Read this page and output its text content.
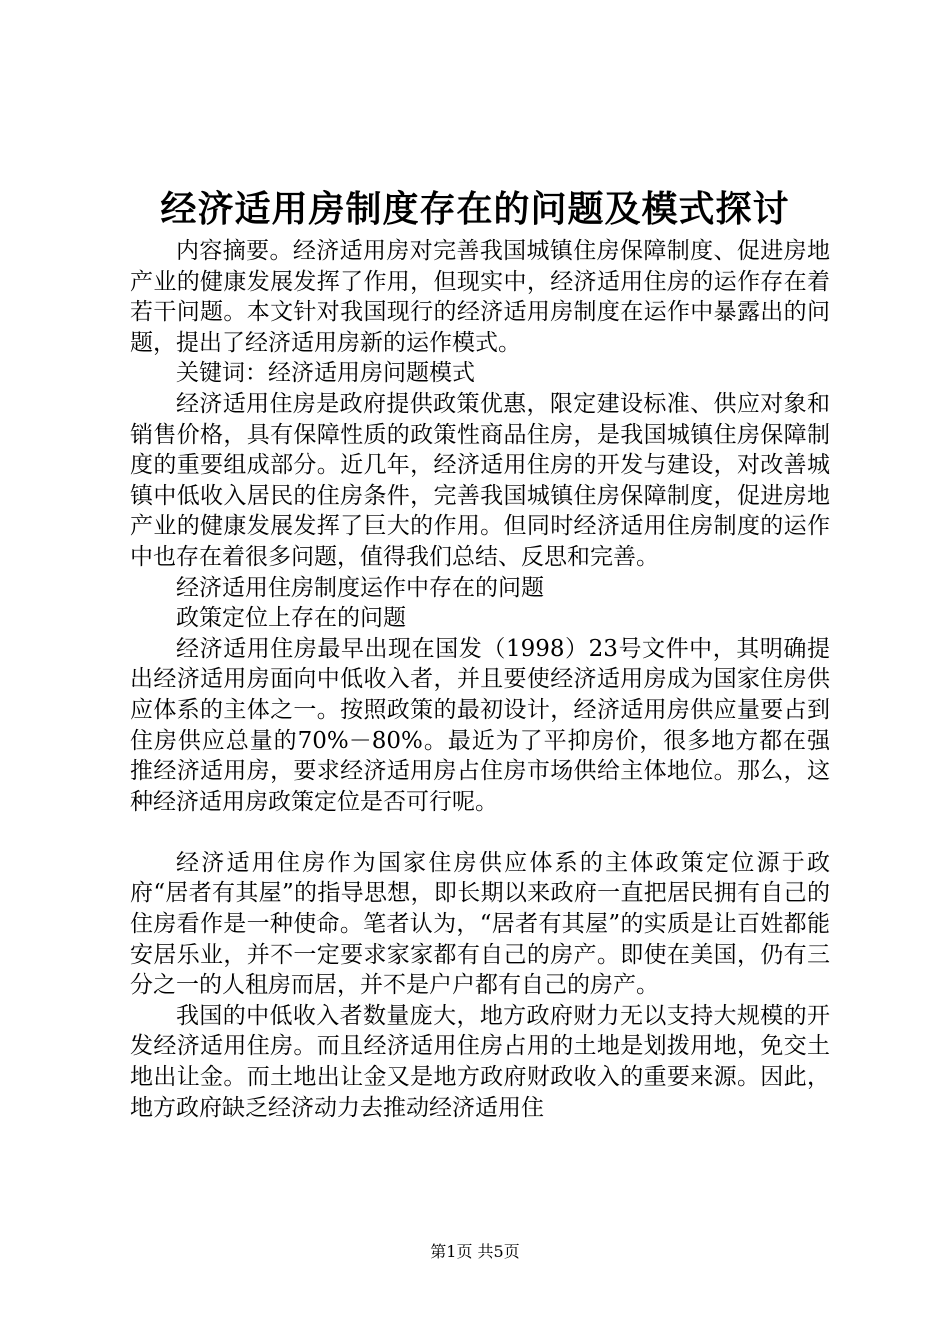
经济适用房制度存在的问题及模式探讨

内容摘要。经济适用房对完善我国城镇住房保障制度、促进房地产业的健康发展发挥了作用，但现实中，经济适用住房的运作存在着若干问题。本文针对我国现行的经济适用房制度在运作中暴露出的问题，提出了经济适用房新的运作模式。

关键词：经济适用房问题模式

经济适用住房是政府提供政策优惠，限定建设标准、供应对象和销售价格，具有保障性质的政策性商品住房，是我国城镇住房保障制度的重要组成部分。近几年，经济适用住房的开发与建设，对改善城镇中低收入居民的住房条件，完善我国城镇住房保障制度，促进房地产业的健康发展发挥了巨大的作用。但同时经济适用住房制度的运作中也存在着很多问题，值得我们总结、反思和完善。

经济适用住房制度运作中存在的问题

政策定位上存在的问题

经济适用住房最早出现在国发（1998）23号文件中，其明确提出经济适用房面向中低收入者，并且要使经济适用房成为国家住房供应体系的主体之一。按照政策的最初设计，经济适用房供应量要占到住房供应总量的70%－80%。最近为了平抑房价，很多地方都在强推经济适用房，要求经济适用房占住房市场供给主体地位。那么，这种经济适用房政策定位是否可行呢。

经济适用住房作为国家住房供应体系的主体政策定位源于政府“居者有其屋”的指导思想，即长期以来政府一直把居民拥有自己的住房看作是一种使命。笔者认为，“居者有其屋”的实质是让百姓都能安居乐业，并不一定要求家家都有自己的房产。即使在美国，仍有三分之一的人租房而居，并不是户户都有自己的房产。

我国的中低收入者数量庞大，地方政府财力无以支持大规模的开发经济适用住房。而且经济适用住房占用的土地是划拨用地，免交土地出让金。而土地出让金又是地方政府财政收入的重要来源。因此，地方政府缺乏经济动力去推动经济适用住

第1页 共5页
